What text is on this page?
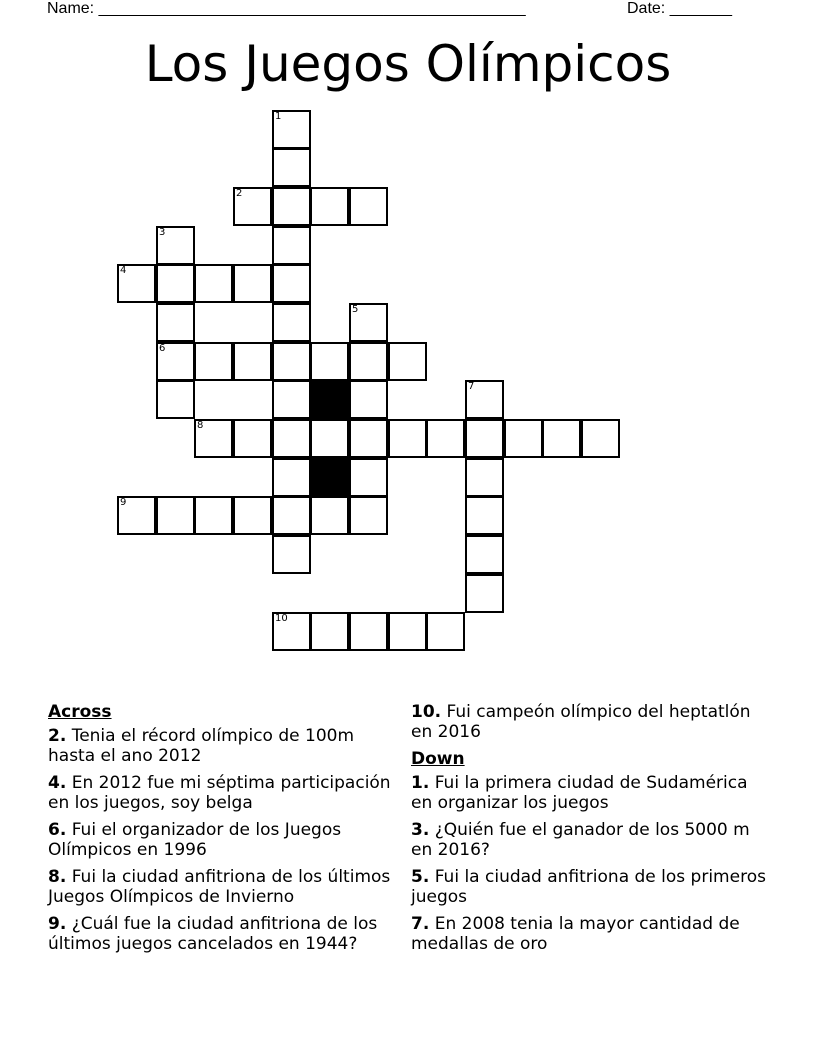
Name: ________________________________________________	Date: _______
Los Juegos Olímpicos
1
2
3
4
5
6
7
8
9
10
Across
2. Tenia el récord olímpico de 100m hasta el ano 2012
4. En 2012 fue mi séptima participación en los juegos, soy belga
6. Fui el organizador de los Juegos Olímpicos en 1996
8. Fui la ciudad anfitriona de los últimos Juegos Olímpicos de Invierno
9. ¿Cuál fue la ciudad anfitriona de los últimos juegos cancelados en 1944?
10. Fui campeón olímpico del heptatlón en 2016
Down
1. Fui la primera ciudad de Sudamérica en organizar los juegos
3. ¿Quién fue el ganador de los 5000 m en 2016?
5. Fui la ciudad anfitriona de los primeros juegos
7. En 2008 tenia la mayor cantidad de medallas de oro
